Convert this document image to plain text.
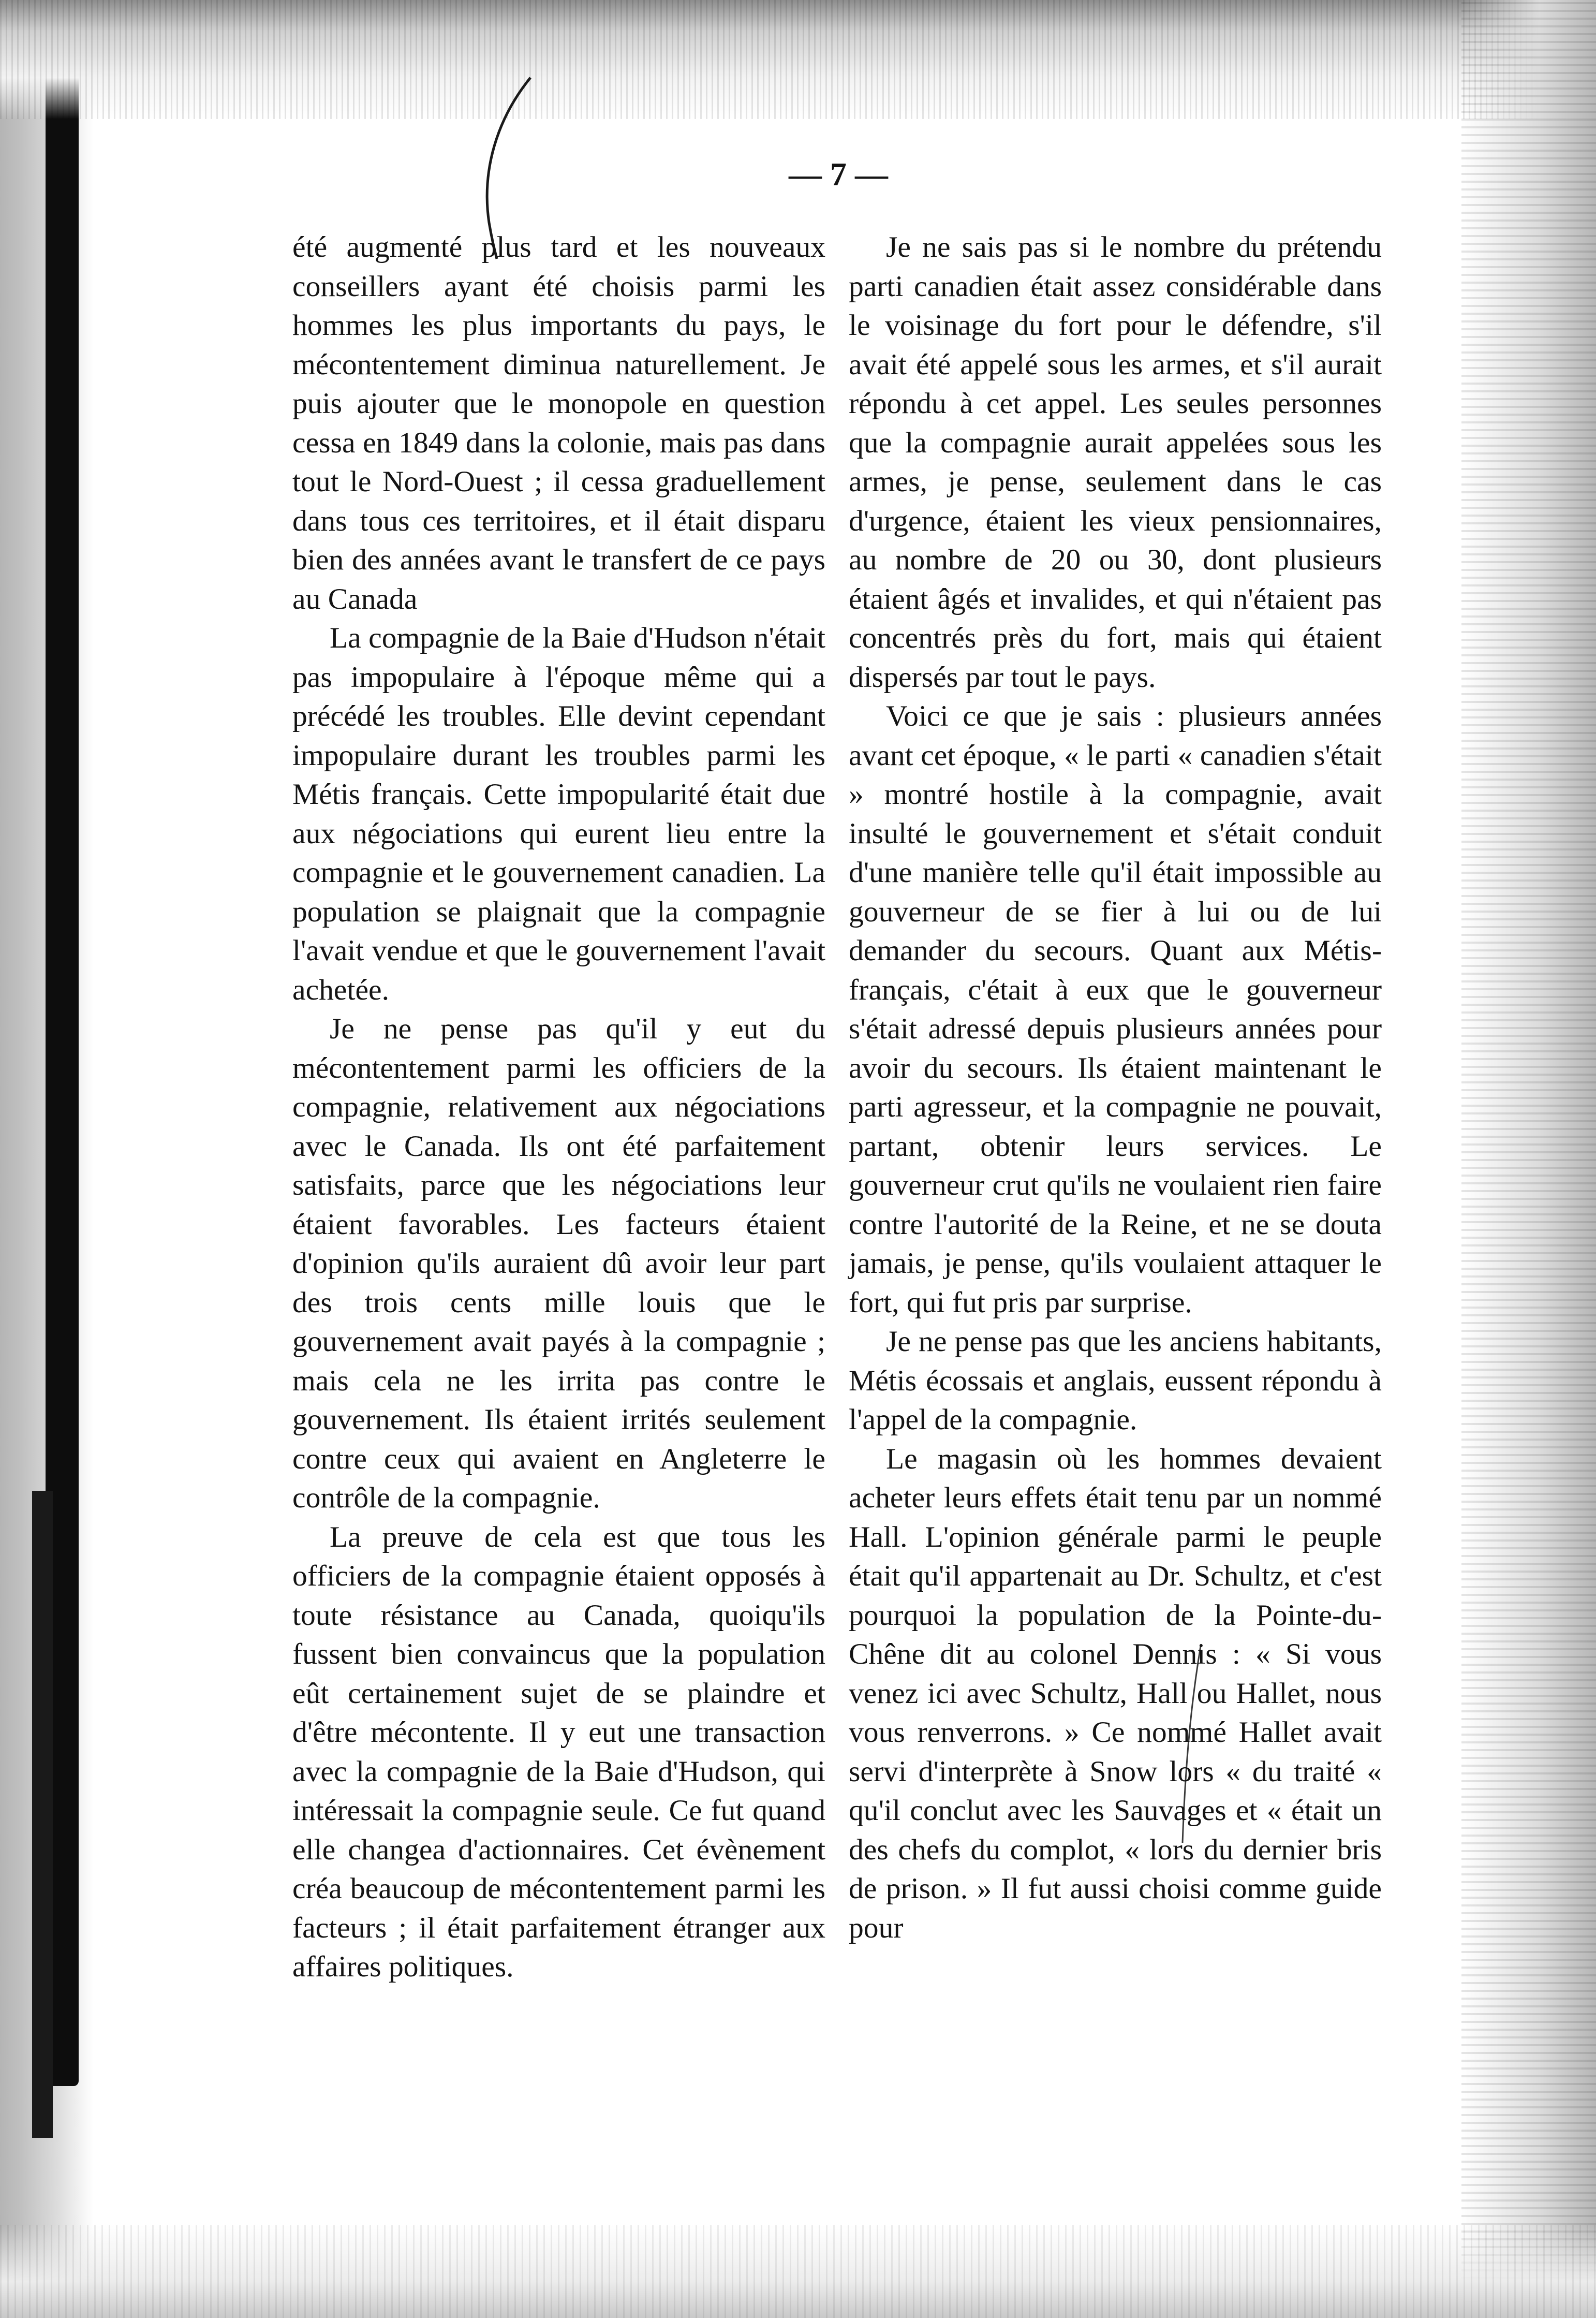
— 7 —

été augmenté plus tard et les nouveaux conseillers ayant été choisis parmi les hommes les plus importants du pays, le mécontentement diminua naturellement. Je puis ajouter que le monopole en question cessa en 1849 dans la colonie, mais pas dans tout le Nord-Ouest ; il cessa graduellement dans tous ces territoires, et il était disparu bien des années avant le transfert de ce pays au Canada

La compagnie de la Baie d'Hudson n'était pas impopulaire à l'époque même qui a précédé les troubles. Elle devint cependant impopulaire durant les troubles parmi les Métis français. Cette impopularité était due aux négociations qui eurent lieu entre la compagnie et le gouvernement canadien. La population se plaignait que la compagnie l'avait vendue et que le gouvernement l'avait achetée.

Je ne pense pas qu'il y eut du mécontentement parmi les officiers de la compagnie, relativement aux négociations avec le Canada. Ils ont été parfaitement satisfaits, parce que les négociations leur étaient favorables. Les facteurs étaient d'opinion qu'ils auraient dû avoir leur part des trois cents mille louis que le gouvernement avait payés à la compagnie ; mais cela ne les irrita pas contre le gouvernement. Ils étaient irrités seulement contre ceux qui avaient en Angleterre le contrôle de la compagnie.

La preuve de cela est que tous les officiers de la compagnie étaient opposés à toute résistance au Canada, quoiqu'ils fussent bien convaincus que la population eût certainement sujet de se plaindre et d'être mécontente. Il y eut une transaction avec la compagnie de la Baie d'Hudson, qui intéressait la compagnie seule. Ce fut quand elle changea d'actionnaires. Cet évènement créa beaucoup de mécontentement parmi les facteurs ; il était parfaitement étranger aux affaires politiques.

Je ne sais pas si le nombre du prétendu parti canadien était assez considérable dans le voisinage du fort pour le défendre, s'il avait été appelé sous les armes, et s'il aurait répondu à cet appel. Les seules personnes que la compagnie aurait appelées sous les armes, je pense, seulement dans le cas d'urgence, étaient les vieux pensionnaires, au nombre de 20 ou 30, dont plusieurs étaient âgés et invalides, et qui n'étaient pas concentrés près du fort, mais qui étaient dispersés par tout le pays.

Voici ce que je sais : plusieurs années avant cet époque, « le parti « canadien s'était » montré hostile à la compagnie, avait insulté le gouvernement et s'était conduit d'une manière telle qu'il était impossible au gouverneur de se fier à lui ou de lui demander du secours. Quant aux Métis-français, c'était à eux que le gouverneur s'était adressé depuis plusieurs années pour avoir du secours. Ils étaient maintenant le parti agresseur, et la compagnie ne pouvait, partant, obtenir leurs services. Le gouverneur crut qu'ils ne voulaient rien faire contre l'autorité de la Reine, et ne se douta jamais, je pense, qu'ils voulaient attaquer le fort, qui fut pris par surprise.

Je ne pense pas que les anciens habitants, Métis écossais et anglais, eussent répondu à l'appel de la compagnie.

Le magasin où les hommes devaient acheter leurs effets était tenu par un nommé Hall. L'opinion générale parmi le peuple était qu'il appartenait au Dr. Schultz, et c'est pourquoi la population de la Pointe-du-Chêne dit au colonel Dennis : « Si vous venez ici avec Schultz, Hall ou Hallet, nous vous renverrons. » Ce nommé Hallet avait servi d'interprète à Snow lors « du traité « qu'il conclut avec les Sauvages et « était un des chefs du complot, « lors du dernier bris de prison. » Il fut aussi choisi comme guide pour
